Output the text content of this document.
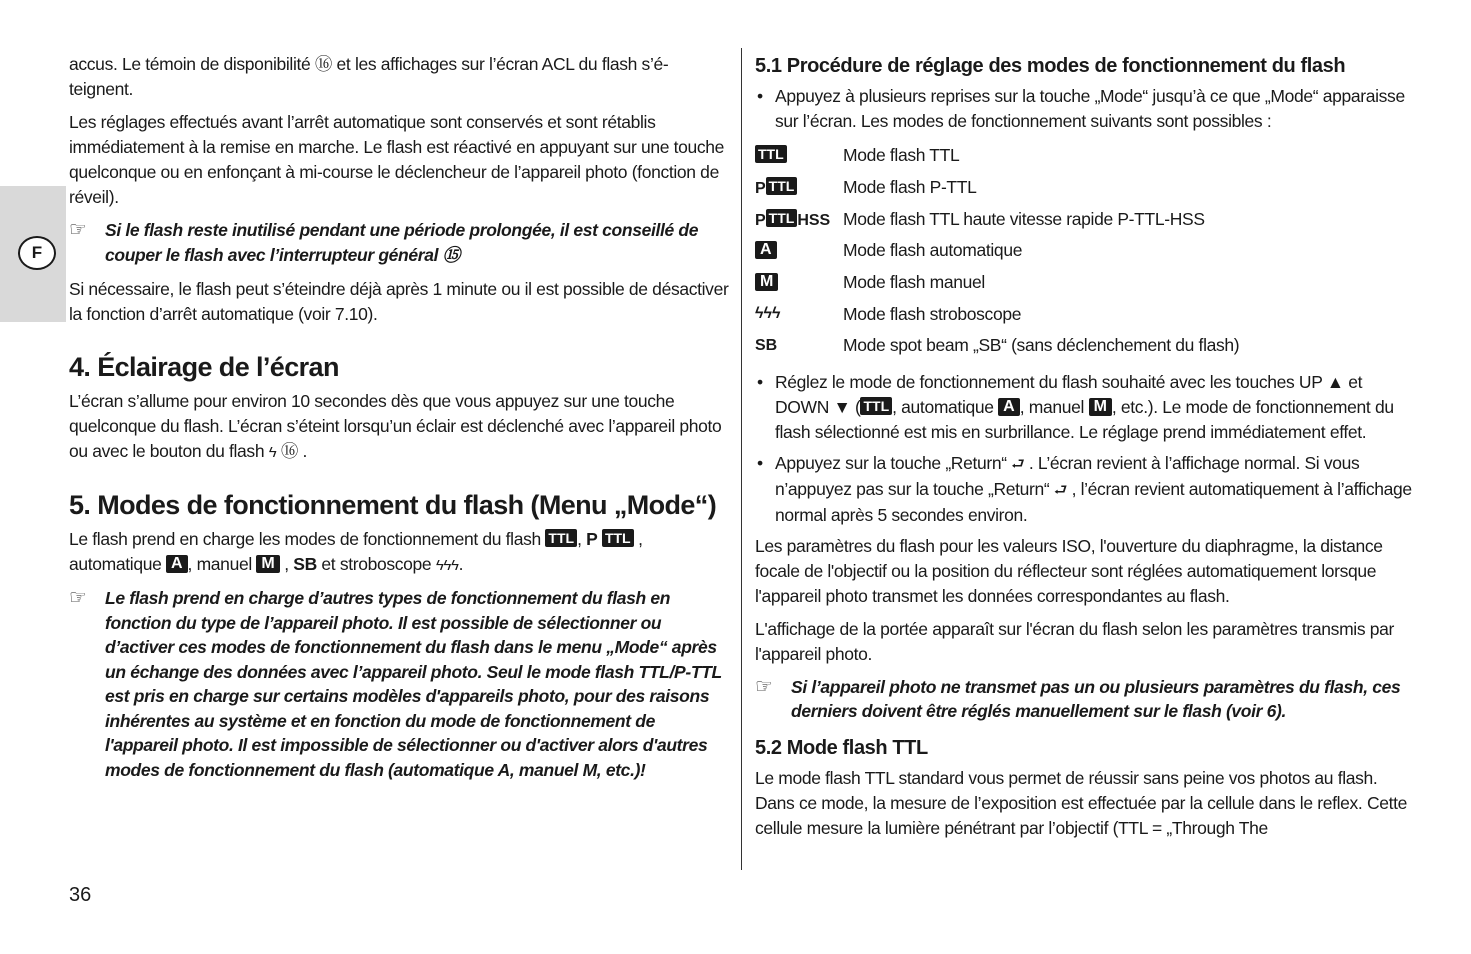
F

accus. Le témoin de disponibilité ⑯ et les affichages sur l’écran ACL du flash s’é-teignent.

Les réglages effectués avant l’arrêt automatique sont conservés et sont rétablis immédiatement à la remise en marche. Le flash est réactivé en appuyant sur une touche quelconque ou en enfonçant à mi-course le déclencheur de l’appareil photo (fonction de réveil).

☞	Si le flash reste inutilisé pendant une période prolongée, il est conseillé de couper le flash avec l’interrupteur général ⑮

Si nécessaire, le flash peut s’éteindre déjà après 1 minute ou il est possible de désactiver la fonction d’arrêt automatique (voir 7.10).

4. Éclairage de l’écran

L’écran s’allume pour environ 10 secondes dès que vous appuyez sur une touche quelconque du flash. L’écran s’éteint lorsqu’un éclair est déclenché avec l’appareil photo ou avec le bouton du flash ϟ ⑯ .

5. Modes de fonctionnement du flash (Menu „Mode“)

Le flash prend en charge les modes de fonctionnement du flash TTL , P TTL , automatique A , manuel M , SB et stroboscope ϟϟϟ.

☞	Le flash prend en charge d’autres types de fonctionnement du flash en fonction du type de l’appareil photo. Il est possible de sélectionner ou d’activer ces modes de fonctionnement du flash dans le menu „Mode“ après un échange des données avec l’appareil photo. Seul le mode flash TTL/P-TTL est pris en charge sur certains modèles d'appareils photo, pour des raisons inhérentes au système et en fonction du mode de fonctionnement de l'appareil photo. Il est impossible de sélectionner ou d'activer alors d'autres modes de fonctionnement du flash (automatique A, manuel M, etc.)!
5.1 Procédure de réglage des modes de fonctionnement du flash
• Appuyez à plusieurs reprises sur la touche „Mode“ jusqu’à ce que „Mode“ apparaisse sur l’écran. Les modes de fonctionnement suivants sont possibles :
TTL	Mode flash TTL
P TTL	Mode flash P-TTL
P TTL HSS Mode flash TTL haute vitesse rapide P-TTL-HSS
A	Mode flash automatique
M	Mode flash manuel
ϟϟϟ	Mode flash stroboscope
SB	Mode spot beam „SB“ (sans déclenchement du flash)
• Réglez le mode de fonctionnement du flash souhaité avec les touches UP ▲ et DOWN ▼ ( TTL , automatique A , manuel M , etc.). Le mode de fonctionnement du flash sélectionné est mis en surbrillance. Le réglage prend immédiatement effet.
• Appuyez sur la touche „Return“ ⮐ . L’écran revient à l’affichage normal. Si vous n’appuyez pas sur la touche „Return“ ⮐ , l’écran revient automatiquement à l’affichage normal après 5 secondes environ.

Les paramètres du flash pour les valeurs ISO, l'ouverture du diaphragme, la distance focale de l'objectif ou la position du réflecteur sont réglées automatiquement lorsque l'appareil photo transmet les données correspondantes au flash.

L'affichage de la portée apparaît sur l'écran du flash selon les paramètres transmis par l'appareil photo.

☞	Si l’appareil photo ne transmet pas un ou plusieurs paramètres du flash, ces derniers doivent être réglés manuellement sur le flash (voir 6).
5.2 Mode flash TTL

Le mode flash TTL standard vous permet de réussir sans peine vos photos au flash. Dans ce mode, la mesure de l’exposition est effectuée par la cellule dans le reflex. Cette cellule mesure la lumière pénétrant par l’objectif (TTL = „Through The

36
